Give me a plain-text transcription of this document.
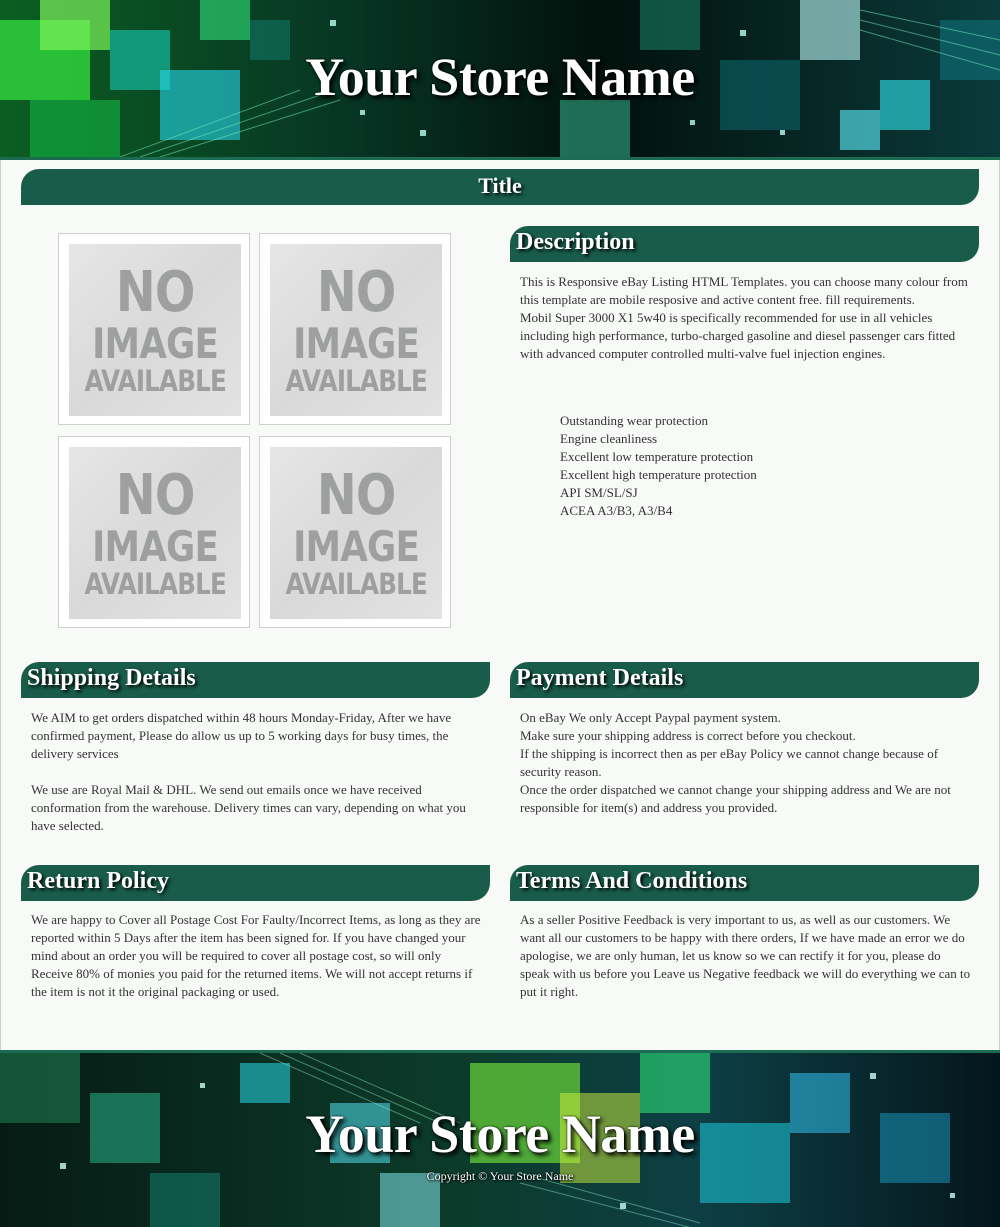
Your Store Name
Title
NO
IMAGE
AVAILABLE
NO
IMAGE
AVAILABLE
NO
IMAGE
AVAILABLE
NO
IMAGE
AVAILABLE
Description

This is Responsive eBay Listing HTML Templates. you can choose many colour from

this template are mobile resposive and active content free. fill requirements.

Mobil Super 3000 X1 5w40 is specifically recommended for use in all vehicles including high performance, turbo-charged gasoline and diesel passenger cars fitted with advanced computer controlled multi-valve fuel injection engines.

Outstanding wear protection
Engine cleanliness
Excellent low temperature protection
Excellent high temperature protection
API SM/SL/SJ
ACEA A3/B3, A3/B4
Shipping Details

We AIM to get orders dispatched within 48 hours Monday-Friday, After we have confirmed payment, Please do allow us up to 5 working days for busy times, the delivery services

We use are Royal Mail & DHL. We send out emails once we have received conformation from the warehouse. Delivery times can vary, depending on what you have selected.

Payment Details

On eBay We only Accept Paypal payment system.

Make sure your shipping address is correct before you checkout.

If the shipping is incorrect then as per eBay Policy we cannot change because of security reason.

Once the order dispatched we cannot change your shipping address and We are not responsible for item(s) and address you provided.

Return Policy

We are happy to Cover all Postage Cost For Faulty/Incorrect Items, as long as they are reported within 5 Days after the item has been signed for. If you have changed your mind about an order you will be required to cover all postage cost, so will only Receive 80% of monies you paid for the returned items. We will not accept returns if the item is not it the original packaging or used.

Terms And Conditions

As a seller Positive Feedback is very important to us, as well as our customers. We want all our customers to be happy with there orders, If we have made an error we do apologise, we are only human, let us know so we can rectify it for you, please do speak with us before you Leave us Negative feedback we will do everything we can to put it right.

Your Store Name
Copyright © Your Store Name
